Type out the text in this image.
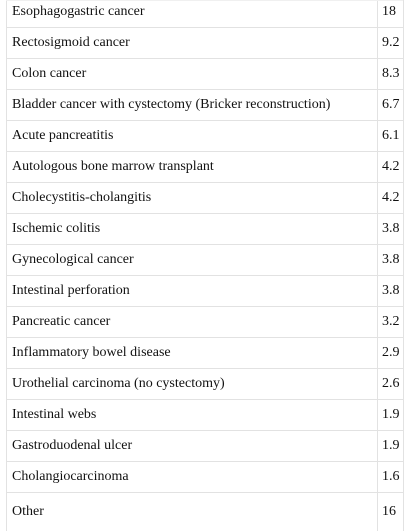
Esophagogastric cancer	18
Rectosigmoid cancer	9.2
Colon cancer	8.3
Bladder cancer with cystectomy (Bricker reconstruction)	6.7
Acute pancreatitis	6.1
Autologous bone marrow transplant	4.2
Cholecystitis-cholangitis	4.2
Ischemic colitis	3.8
Gynecological cancer	3.8
Intestinal perforation	3.8
Pancreatic cancer	3.2
Inflammatory bowel disease	2.9
Urothelial carcinoma (no cystectomy)	2.6
Intestinal webs	1.9
Gastroduodenal ulcer	1.9
Cholangiocarcinoma	1.6
Other	16
